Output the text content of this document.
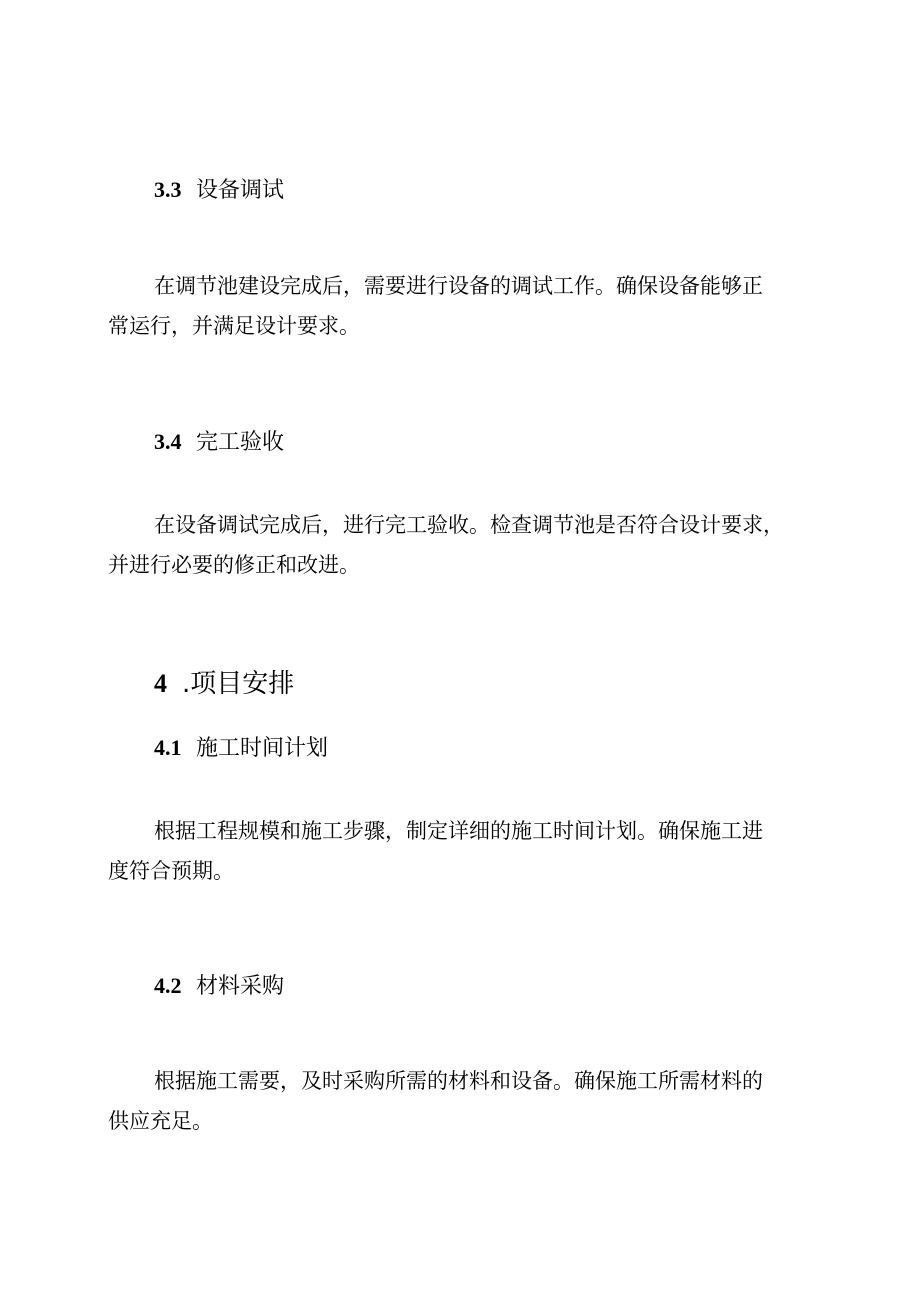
3.3 设备调试

在调节池建设完成后，需要进行设备的调试工作。确保设备能够正
常运行，并满足设计要求。

3.4 完工验收

在设备调试完成后，进行完工验收。检查调节池是否符合设计要求，
并进行必要的修正和改进。

4 .项目安排
4.1 施工时间计划

根据工程规模和施工步骤，制定详细的施工时间计划。确保施工进
度符合预期。

4.2 材料采购

根据施工需要，及时采购所需的材料和设备。确保施工所需材料的
供应充足。
